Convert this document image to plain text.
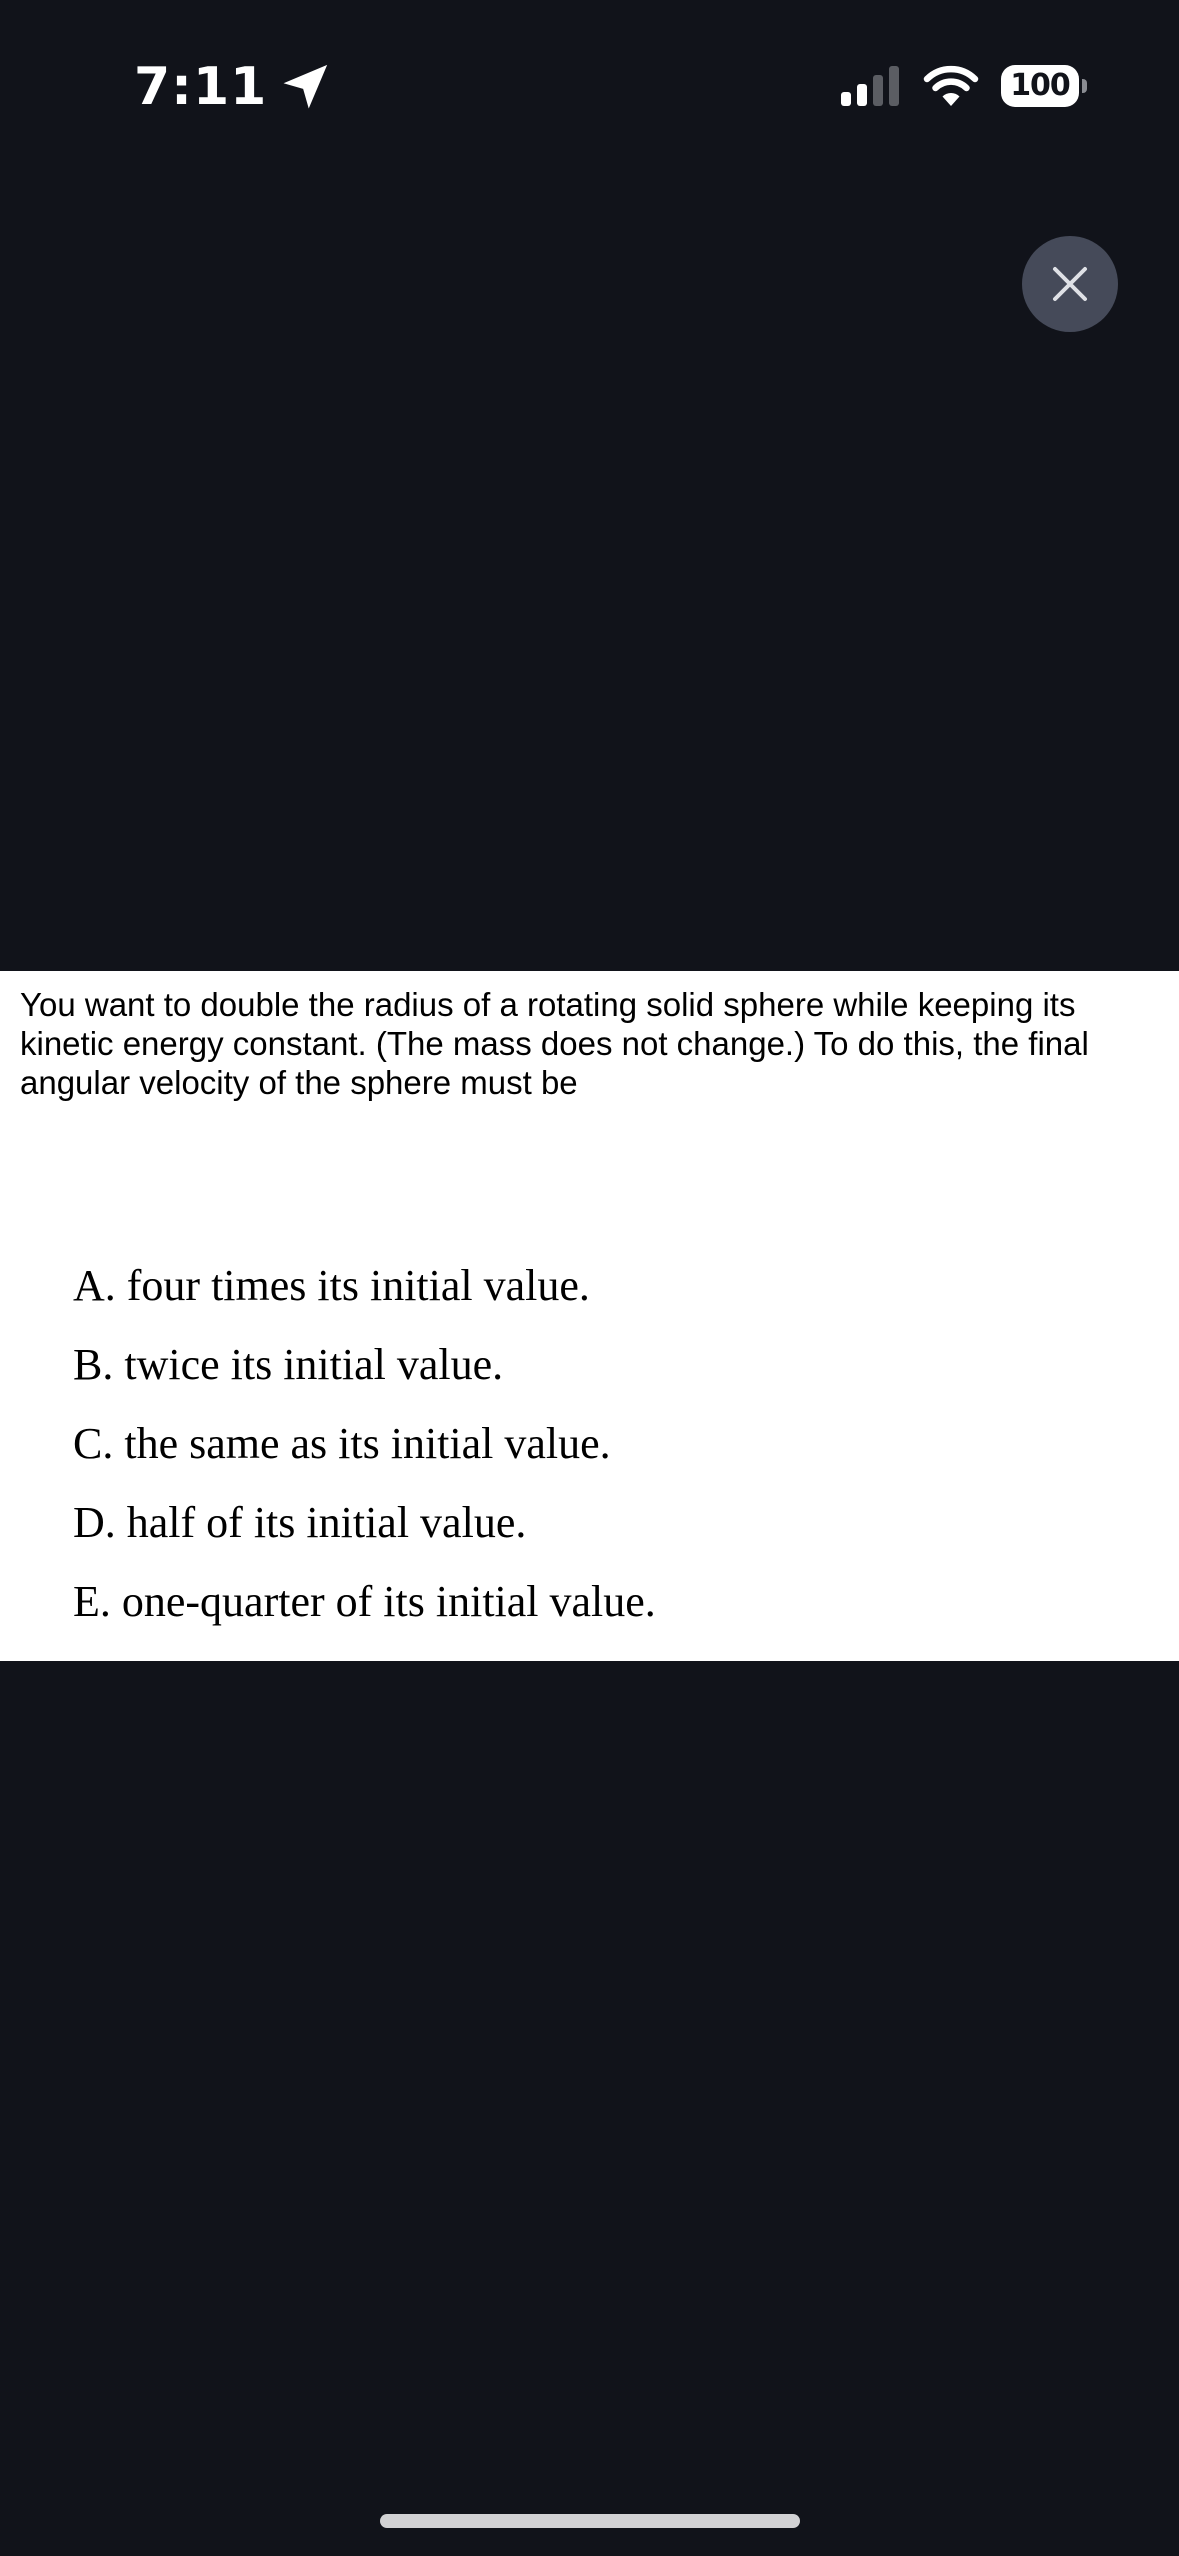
7:11	100

You want to double the radius of a rotating solid sphere while keeping its kinetic energy constant. (The mass does not change.) To do this, the final angular velocity of the sphere must be

A. four times its initial value.
B. twice its initial value.
C. the same as its initial value.
D. half of its initial value.
E. one-quarter of its initial value.
